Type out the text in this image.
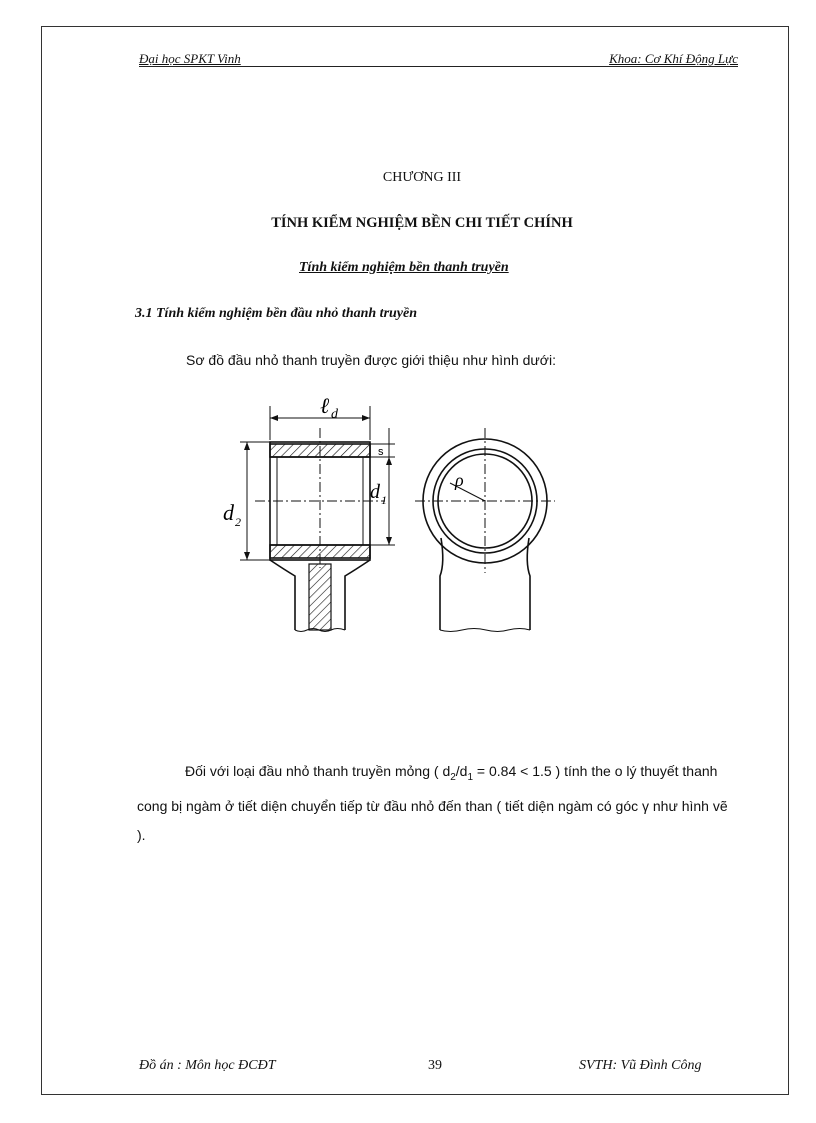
Đại học SPKT Vinh	Khoa: Cơ Khí Động Lực
CHƯƠNG III
TÍNH KIỂM NGHIỆM BỀN CHI TIẾT CHÍNH
Tính kiểm nghiệm bền thanh truyền
3.1 Tính kiểm nghiệm bền đầu nhỏ thanh truyền
Sơ đồ đầu nhỏ thanh truyền được giới thiệu như hình dưới:
ℓ d
s
d 1
d 2
ρ
Đối với loại đầu nhỏ thanh truyền mỏng ( $d_2/d_1 = 0.84 < 1.5$ ) tính the o lý thuyết thanh cong bị ngàm ở tiết diện chuyển tiếp từ đầu nhỏ đến than ( tiết diện ngàm có góc γ như hình vẽ ).
Đồ án : Môn học ĐCĐT	39	SVTH: Vũ Đình Công
